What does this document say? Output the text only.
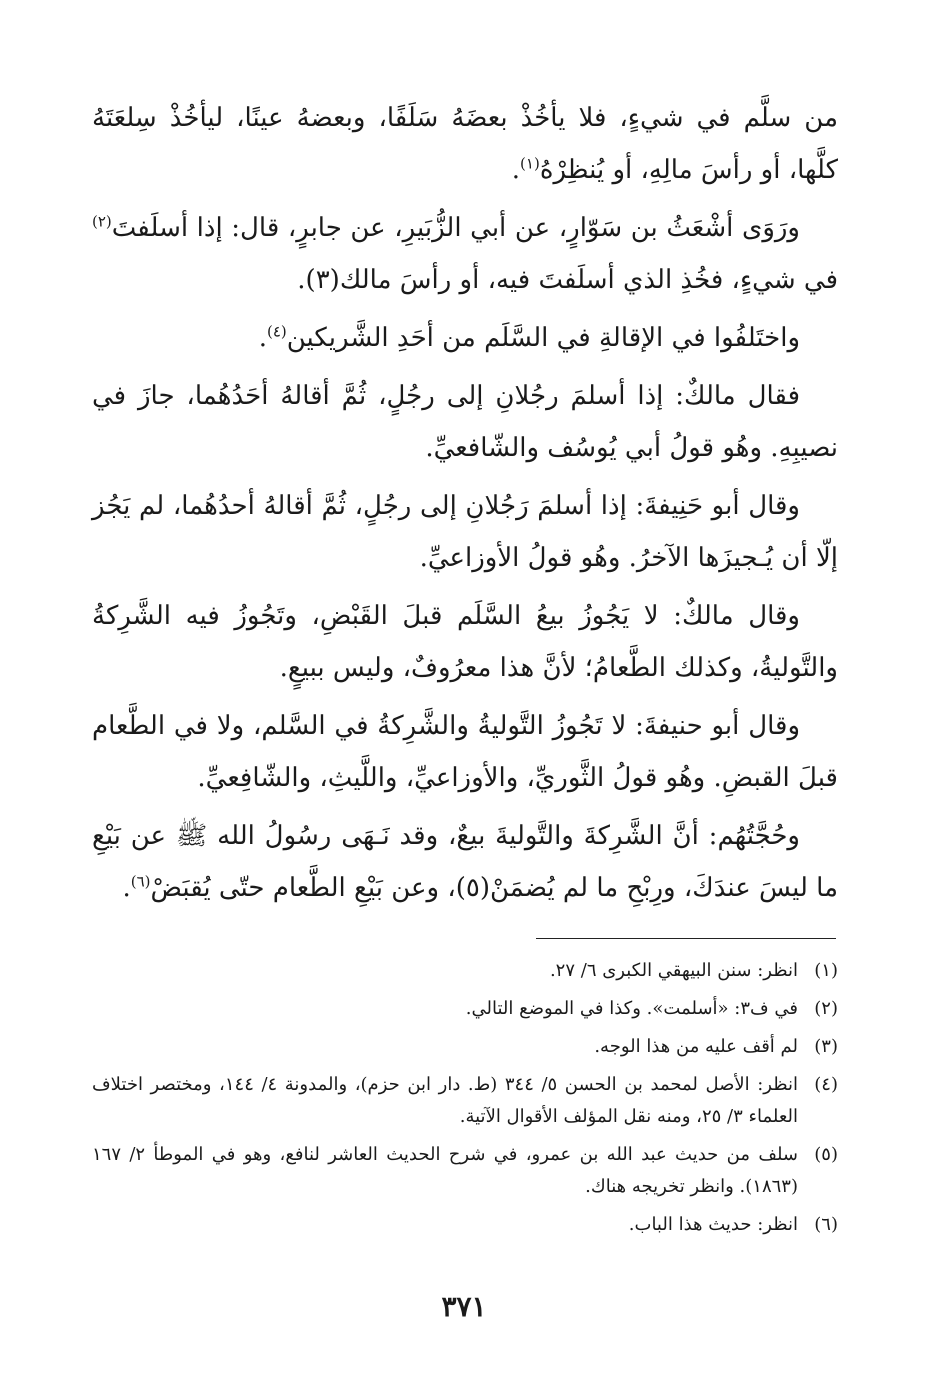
من سلَّم في شيءٍ، فلا يأخُذْ بعضَهُ سَلَفًا، وبعضهُ عينًا، ليأخُذْ سِلعَتَهُ كلَّها، أو رأسَ مالِهِ، أو يُنظِرْهُ$^{(١)}$.

ورَوَى أشْعَثُ بن سَوّارٍ، عن أبي الزُّبَيرِ، عن جابرٍ، قال: إذا أسلَفتَ$^{(٢)}$ في شيءٍ، فخُذِ الذي أسلَفتَ فيه، أو رأسَ مالك(٣).

واختَلفُوا في الإقالةِ في السَّلَم من أحَدِ الشَّريكين$^{(٤)}$.

فقال مالكٌ: إذا أسلمَ رجُلانِ إلى رجُلٍ، ثُمَّ أقالهُ أحَدُهُما، جازَ في نصيبِهِ. وهُو قولُ أبي يُوسُف والشّافعيِّ.

وقال أبو حَنِيفةَ: إذا أسلمَ رَجُلانِ إلى رجُلٍ، ثُمَّ أقالهُ أحدُهُما، لم يَجُز إلّا أن يُـجيزَها الآخرُ. وهُو قولُ الأوزاعيِّ.

وقال مالكٌ: لا يَجُوزُ بيعُ السَّلَم قبلَ القَبْضِ، وتَجُوزُ فيه الشَّرِكةُ والتَّوليةُ، وكذلك الطَّعامُ؛ لأنَّ هذا معرُوفٌ، وليس ببيعٍ.

وقال أبو حنيفةَ: لا تَجُوزُ التَّوليةُ والشَّرِكةُ في السَّلم، ولا في الطَّعام قبلَ القبضِ. وهُو قولُ الثَّوريِّ، والأوزاعيِّ، واللَّيثِ، والشّافِعيِّ.

وحُجَّتُهُم: أنَّ الشَّرِكةَ والتَّوليةَ بيعٌ، وقد نَـهَى رسُولُ الله ﷺ عن بَيْعِ ما ليسَ عندَكَ، ورِبْحِ ما لم يُضمَنْ(٥)، وعن بَيْعِ الطَّعام حتّى يُقبَضْ$^{(٦)}$.

(١)انظر: سنن البيهقي الكبرى ٦/ ٢٧.
(٢)في ف٣: «أسلمت». وكذا في الموضع التالي.
(٣)لم أقف عليه من هذا الوجه.
(٤)انظر: الأصل لمحمد بن الحسن ٥/ ٣٤٤ (ط. دار ابن حزم)، والمدونة ٤/ ١٤٤، ومختصر اختلاف العلماء ٣/ ٢٥، ومنه نقل المؤلف الأقوال الآتية.
(٥)سلف من حديث عبد الله بن عمرو، في شرح الحديث العاشر لنافع، وهو في الموطأ ٢/ ١٦٧ (١٨٦٣). وانظر تخريجه هناك.
(٦)انظر: حديث هذا الباب.
٣٧١
